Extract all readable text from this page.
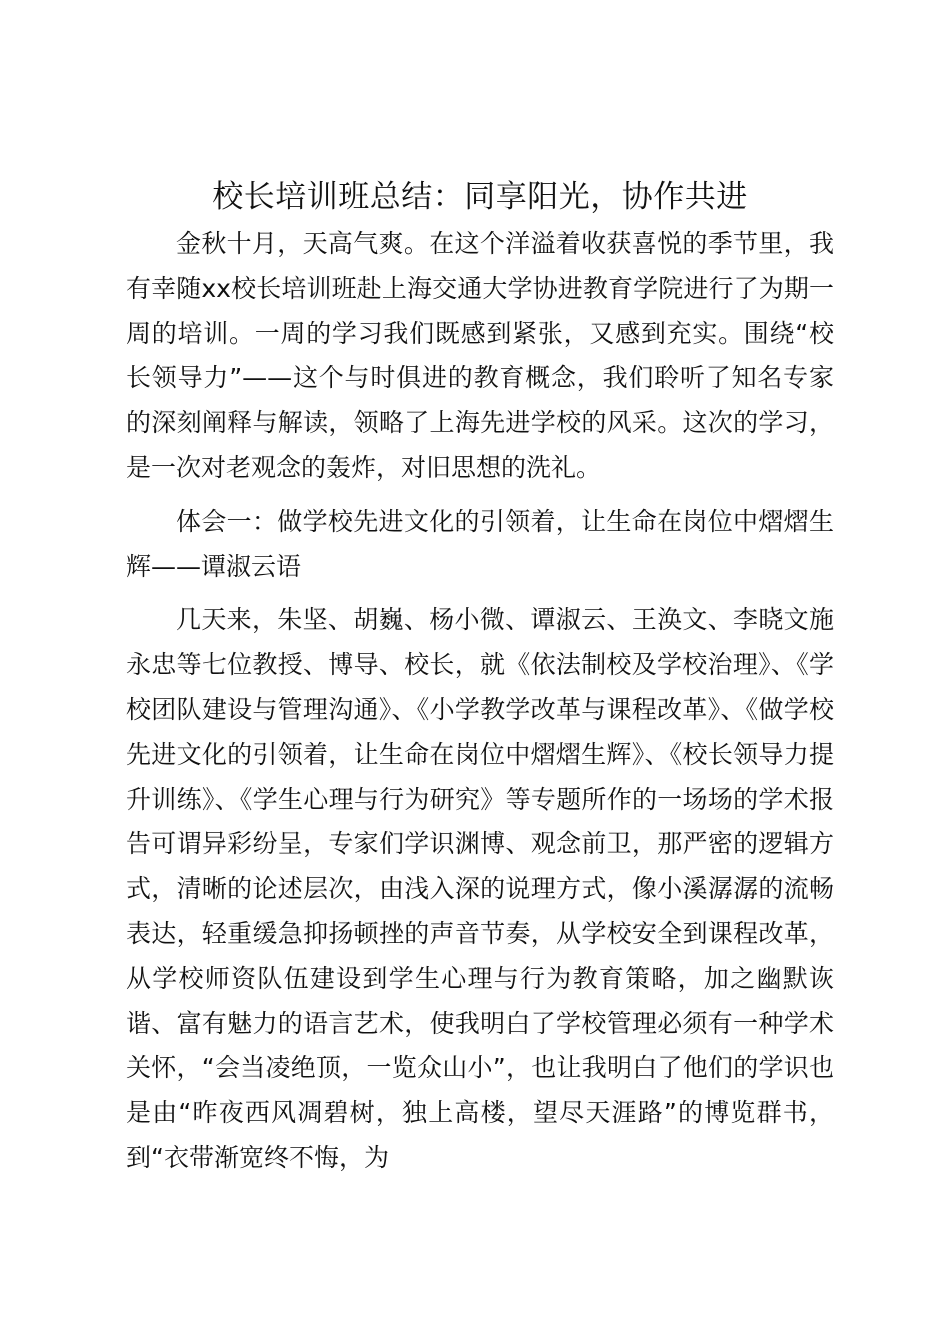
校长培训班总结：同享阳光，协作共进

金秋十月，天高气爽。在这个洋溢着收获喜悦的季节里，我有幸随xx校长培训班赴上海交通大学协进教育学院进行了为期一周的培训。一周的学习我们既感到紧张，又感到充实。围绕“校长领导力”——这个与时俱进的教育概念，我们聆听了知名专家的深刻阐释与解读，领略了上海先进学校的风采。这次的学习，是一次对老观念的轰炸，对旧思想的洗礼。

体会一：做学校先进文化的引领着，让生命在岗位中熠熠生辉——谭淑云语

几天来，朱坚、胡巍、杨小微、谭淑云、王涣文、李晓文施永忠等七位教授、博导、校长，就《依法制校及学校治理》、《学校团队建设与管理沟通》、《小学教学改革与课程改革》、《做学校先进文化的引领着，让生命在岗位中熠熠生辉》、《校长领导力提升训练》、《学生心理与行为研究》等专题所作的一场场的学术报告可谓异彩纷呈，专家们学识渊博、观念前卫，那严密的逻辑方式，清晰的论述层次，由浅入深的说理方式，像小溪潺潺的流畅表达，轻重缓急抑扬顿挫的声音节奏，从学校安全到课程改革，从学校师资队伍建设到学生心理与行为教育策略，加之幽默诙谐、富有魅力的语言艺术，使我明白了学校管理必须有一种学术关怀，“会当凌绝顶，一览众山小”，也让我明白了他们的学识也是由“昨夜西风凋碧树，独上高楼，望尽天涯路”的博览群书，到“衣带渐宽终不悔，为
